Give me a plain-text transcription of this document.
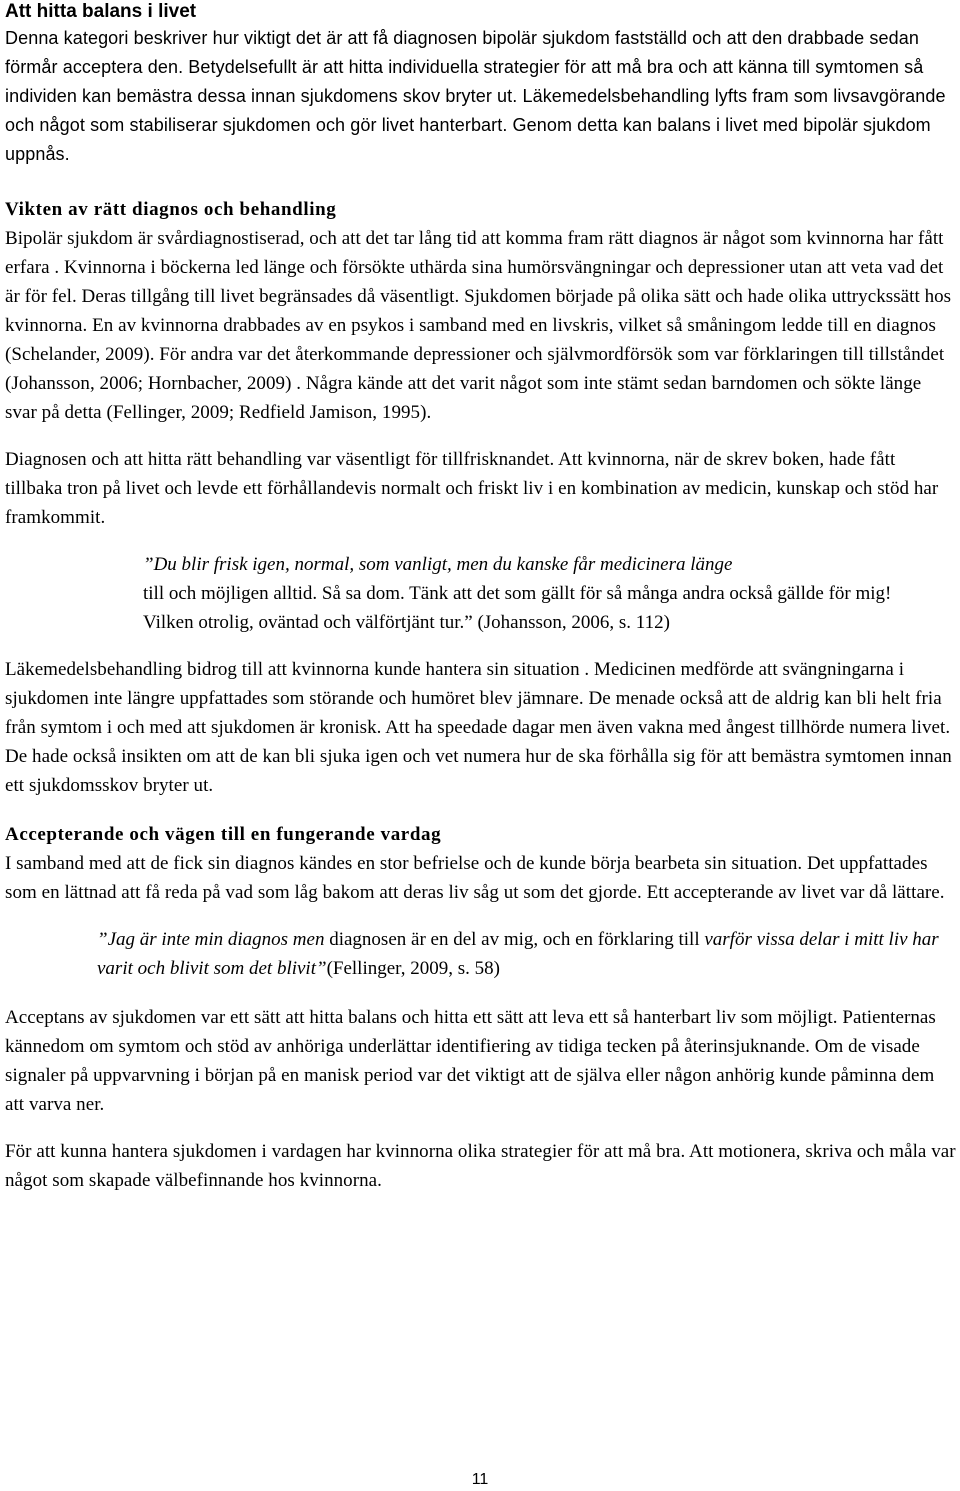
Att hitta balans i livet

Denna kategori beskriver hur viktigt det är att få diagnosen bipolär sjukdom fastställd och att den drabbade sedan förmår acceptera den. Betydelsefullt är att hitta individuella strategier för att må bra och att känna till symtomen så individen kan bemästra dessa innan sjukdomens skov bryter ut. Läkemedelsbehandling lyfts fram som livsavgörande och något som stabiliserar sjukdomen och gör livet hanterbart. Genom detta kan balans i livet med bipolär sjukdom uppnås.

Vikten av rätt diagnos och behandling

Bipolär sjukdom är svårdiagnostiserad, och att det tar lång tid att komma fram rätt diagnos är något som kvinnorna har fått erfara . Kvinnorna i böckerna led länge och försökte uthärda sina humörsvängningar och depressioner utan att veta vad det är för fel. Deras tillgång till livet begränsades då väsentligt. Sjukdomen började på olika sätt och hade olika uttryckssätt hos kvinnorna. En av kvinnorna drabbades av en psykos i samband med en livskris, vilket så småningom ledde till en diagnos (Schelander, 2009). För andra var det återkommande depressioner och självmordförsök som var förklaringen till tillståndet (Johansson, 2006; Hornbacher, 2009) . Några kände att det varit något som inte stämt sedan barndomen och sökte länge svar på detta (Fellinger, 2009; Redfield Jamison, 1995).

Diagnosen och att hitta rätt behandling var väsentligt för tillfrisknandet. Att kvinnorna, när de skrev boken, hade fått tillbaka tron på livet och levde ett förhållandevis normalt och friskt liv i en kombination av medicin, kunskap och stöd har framkommit.

”Du blir frisk igen, normal, som vanligt, men du kanske får medicinera länge
till och möjligen alltid. Så sa dom. Tänk att det som gällt för så många andra också gällde för mig! Vilken otrolig, oväntad och välförtjänt tur.” (Johansson, 2006, s. 112)

Läkemedelsbehandling bidrog till att kvinnorna kunde hantera sin situation . Medicinen medförde att svängningarna i sjukdomen inte längre uppfattades som störande och humöret blev jämnare. De menade också att de aldrig kan bli helt fria från symtom i och med att sjukdomen är kronisk. Att ha speedade dagar men även vakna med ångest tillhörde numera livet. De hade också insikten om att de kan bli sjuka igen och vet numera hur de ska förhålla sig för att bemästra symtomen innan ett sjukdomsskov bryter ut.

Accepterande och vägen till en fungerande vardag

I samband med att de fick sin diagnos kändes en stor befrielse och de kunde börja bearbeta sin situation. Det uppfattades som en lättnad att få reda på vad som låg bakom att deras liv såg ut som det gjorde. Ett accepterande av livet var då lättare.

”Jag är inte min diagnos men diagnosen är en del av mig, och en förklaring till varför vissa delar i mitt liv har varit och blivit som det blivit”(Fellinger, 2009, s. 58)

Acceptans av sjukdomen var ett sätt att hitta balans och hitta ett sätt att leva ett så hanterbart liv som möjligt. Patienternas kännedom om symtom och stöd av anhöriga underlättar identifiering av tidiga tecken på återinsjuknande. Om de visade signaler på uppvarvning i början på en manisk period var det viktigt att de själva eller någon anhörig kunde påminna dem att varva ner.

För att kunna hantera sjukdomen i vardagen har kvinnorna olika strategier för att må bra. Att motionera, skriva och måla var något som skapade välbefinnande hos kvinnorna.

11
